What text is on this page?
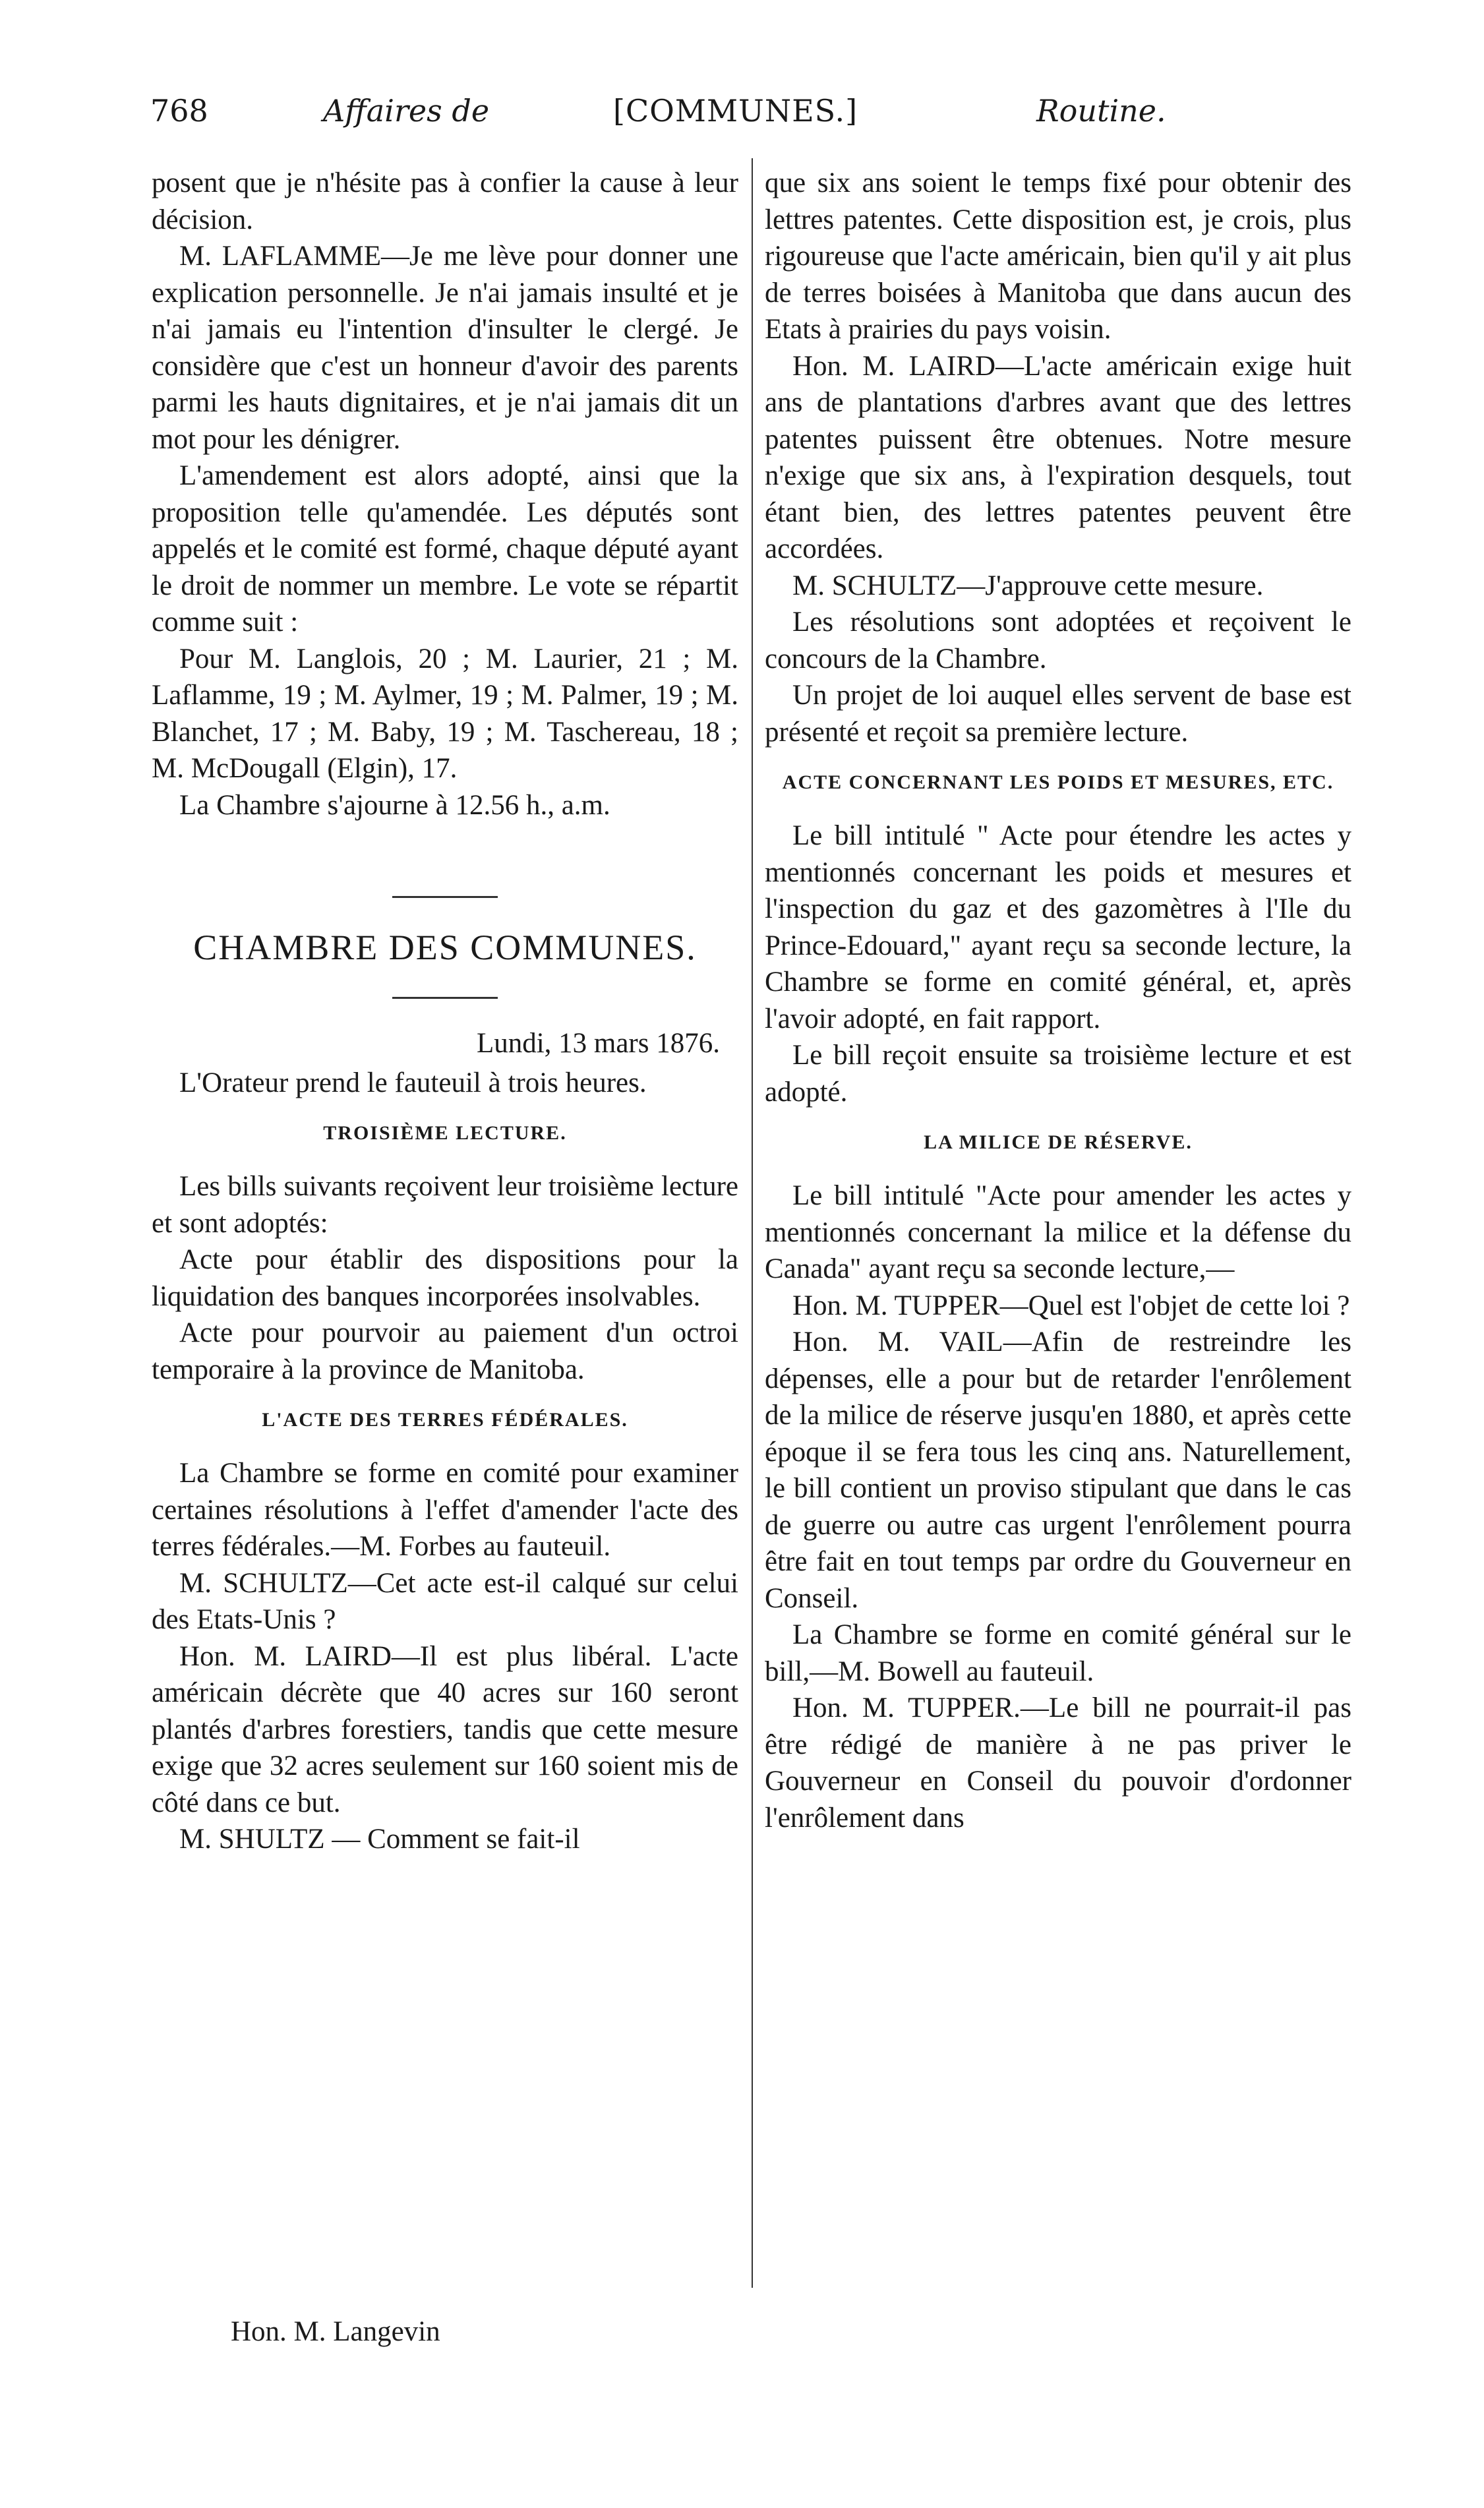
768	Affaires de	[COMMUNES.]	Routine.

posent que je n'hésite pas à confier la cause à leur décision.

M. LAFLAMME—Je me lève pour donner une explication personnelle. Je n'ai jamais insulté et je n'ai jamais eu l'intention d'insulter le clergé. Je considère que c'est un honneur d'avoir des parents parmi les hauts dignitaires, et je n'ai jamais dit un mot pour les dénigrer.

L'amendement est alors adopté, ainsi que la proposition telle qu'amendée. Les députés sont appelés et le comité est formé, chaque député ayant le droit de nommer un membre. Le vote se répartit comme suit :

Pour M. Langlois, 20 ; M. Laurier, 21 ; M. Laflamme, 19 ; M. Aylmer, 19 ; M. Palmer, 19 ; M. Blanchet, 17 ; M. Baby, 19 ; M. Taschereau, 18 ; M. McDougall (Elgin), 17.

La Chambre s'ajourne à 12.56 h., a.m.

CHAMBRE DES COMMUNES.
Lundi, 13 mars 1876.

L'Orateur prend le fauteuil à trois heures.

TROISIÈME LECTURE.

Les bills suivants reçoivent leur troisième lecture et sont adoptés:

Acte pour établir des dispositions pour la liquidation des banques incorporées insolvables.

Acte pour pourvoir au paiement d'un octroi temporaire à la province de Manitoba.

L'ACTE DES TERRES FÉDÉRALES.

La Chambre se forme en comité pour examiner certaines résolutions à l'effet d'amender l'acte des terres fédérales.—M. Forbes au fauteuil.

M. SCHULTZ—Cet acte est-il calqué sur celui des Etats-Unis ?

Hon. M. LAIRD—Il est plus libéral. L'acte américain décrète que 40 acres sur 160 seront plantés d'arbres forestiers, tandis que cette mesure exige que 32 acres seulement sur 160 soient mis de côté dans ce but.

M. SHULTZ — Comment se fait-il

que six ans soient le temps fixé pour obtenir des lettres patentes. Cette disposition est, je crois, plus rigoureuse que l'acte américain, bien qu'il y ait plus de terres boisées à Manitoba que dans aucun des Etats à prairies du pays voisin.

Hon. M. LAIRD—L'acte américain exige huit ans de plantations d'arbres avant que des lettres patentes puissent être obtenues. Notre mesure n'exige que six ans, à l'expiration desquels, tout étant bien, des lettres patentes peuvent être accordées.

M. SCHULTZ—J'approuve cette mesure.

Les résolutions sont adoptées et reçoivent le concours de la Chambre.

Un projet de loi auquel elles servent de base est présenté et reçoit sa première lecture.

ACTE CONCERNANT LES POIDS ET MESURES, ETC.

Le bill intitulé " Acte pour étendre les actes y mentionnés concernant les poids et mesures et l'inspection du gaz et des gazomètres à l'Ile du Prince-Edouard," ayant reçu sa seconde lecture, la Chambre se forme en comité général, et, après l'avoir adopté, en fait rapport.

Le bill reçoit ensuite sa troisième lecture et est adopté.

LA MILICE DE RÉSERVE.

Le bill intitulé "Acte pour amender les actes y mentionnés concernant la milice et la défense du Canada" ayant reçu sa seconde lecture,—

Hon. M. TUPPER—Quel est l'objet de cette loi ?

Hon. M. VAIL—Afin de restreindre les dépenses, elle a pour but de retarder l'enrôlement de la milice de réserve jusqu'en 1880, et après cette époque il se fera tous les cinq ans. Naturellement, le bill contient un proviso stipulant que dans le cas de guerre ou autre cas urgent l'enrôlement pourra être fait en tout temps par ordre du Gouverneur en Conseil.

La Chambre se forme en comité général sur le bill,—M. Bowell au fauteuil.

Hon. M. TUPPER.—Le bill ne pourrait-il pas être rédigé de manière à ne pas priver le Gouverneur en Conseil du pouvoir d'ordonner l'enrôlement dans

Hon. M. Langevin
